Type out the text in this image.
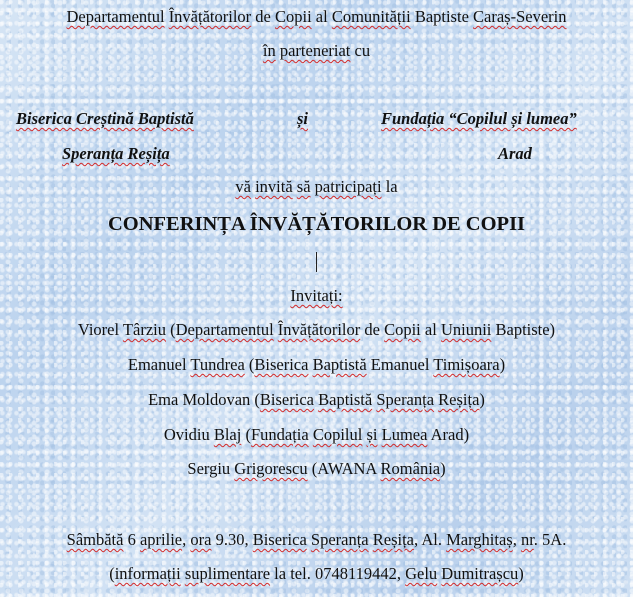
Departamentul Învățătorilor de Copii al Comunității Baptiste Caraș-Severin
în parteneriat cu
Biserica Creștină Baptistă
Speranța Reșița
și	Fundația “Copilul și lumea”
Arad
vă invită să patricipați la
CONFERINȚA ÎNVĂȚĂTORILOR DE COPII
Invitați:
Viorel Târziu (Departamentul Învățătorilor de Copii al Uniunii Baptiste)
Emanuel Tundrea (Biserica Baptistă Emanuel Timișoara)
Ema Moldovan (Biserica Baptistă Speranța Reșița)
Ovidiu Blaj (Fundația Copilul și Lumea Arad)
Sergiu Grigorescu (AWANA România)
Sâmbătă 6 aprilie, ora 9.30, Biserica Speranța Reșița, Al. Marghitaș, nr. 5A.
(informații suplimentare la tel. 0748119442, Gelu Dumitrașcu)
